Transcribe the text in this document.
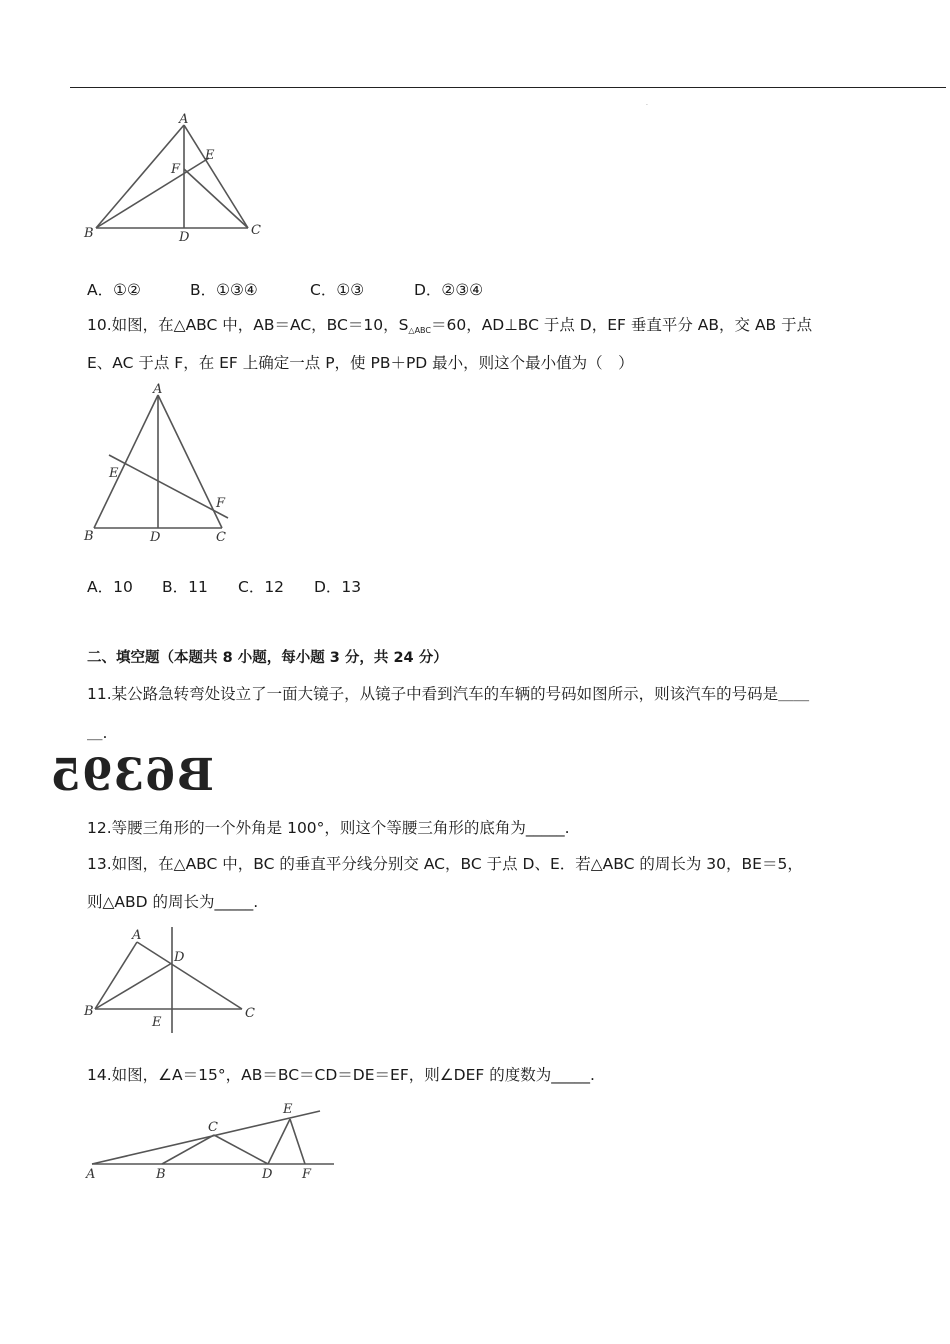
.
A
B	C
D
E
F
A．①②	B．①③④	C．①③	D．②③④
10.如图，在△ABC 中，AB＝AC，BC＝10，$S_{\triangle ABC}=60$，AD⊥BC 于点 D，EF 垂直平分 AB，交 AB 于点
E、AC 于点 F，在 EF 上确定一点 P，使 PB＋PD 最小，则这个最小值为（　）
A
B	C
D
E
F
A．10 B．11 C．12 D．13
二、填空题（本题共 8 小题，每小题 3 分，共 24 分）
11.某公路急转弯处设立了一面大镜子，从镜子中看到汽车的车辆的号码如图所示，则该汽车的号码是＿＿
＿.
B6395
12.等腰三角形的一个外角是 100°，则这个等腰三角形的底角为_____.
13.如图，在△ABC 中，BC 的垂直平分线分别交 AC，BC 于点 D、E．若△ABC 的周长为 30，BE＝5，
则△ABD 的周长为_____.
A
B	C
D
E
14.如图，∠A＝15°，AB＝BC＝CD＝DE＝EF，则∠DEF 的度数为_____.
A	B
C
D
E
F
